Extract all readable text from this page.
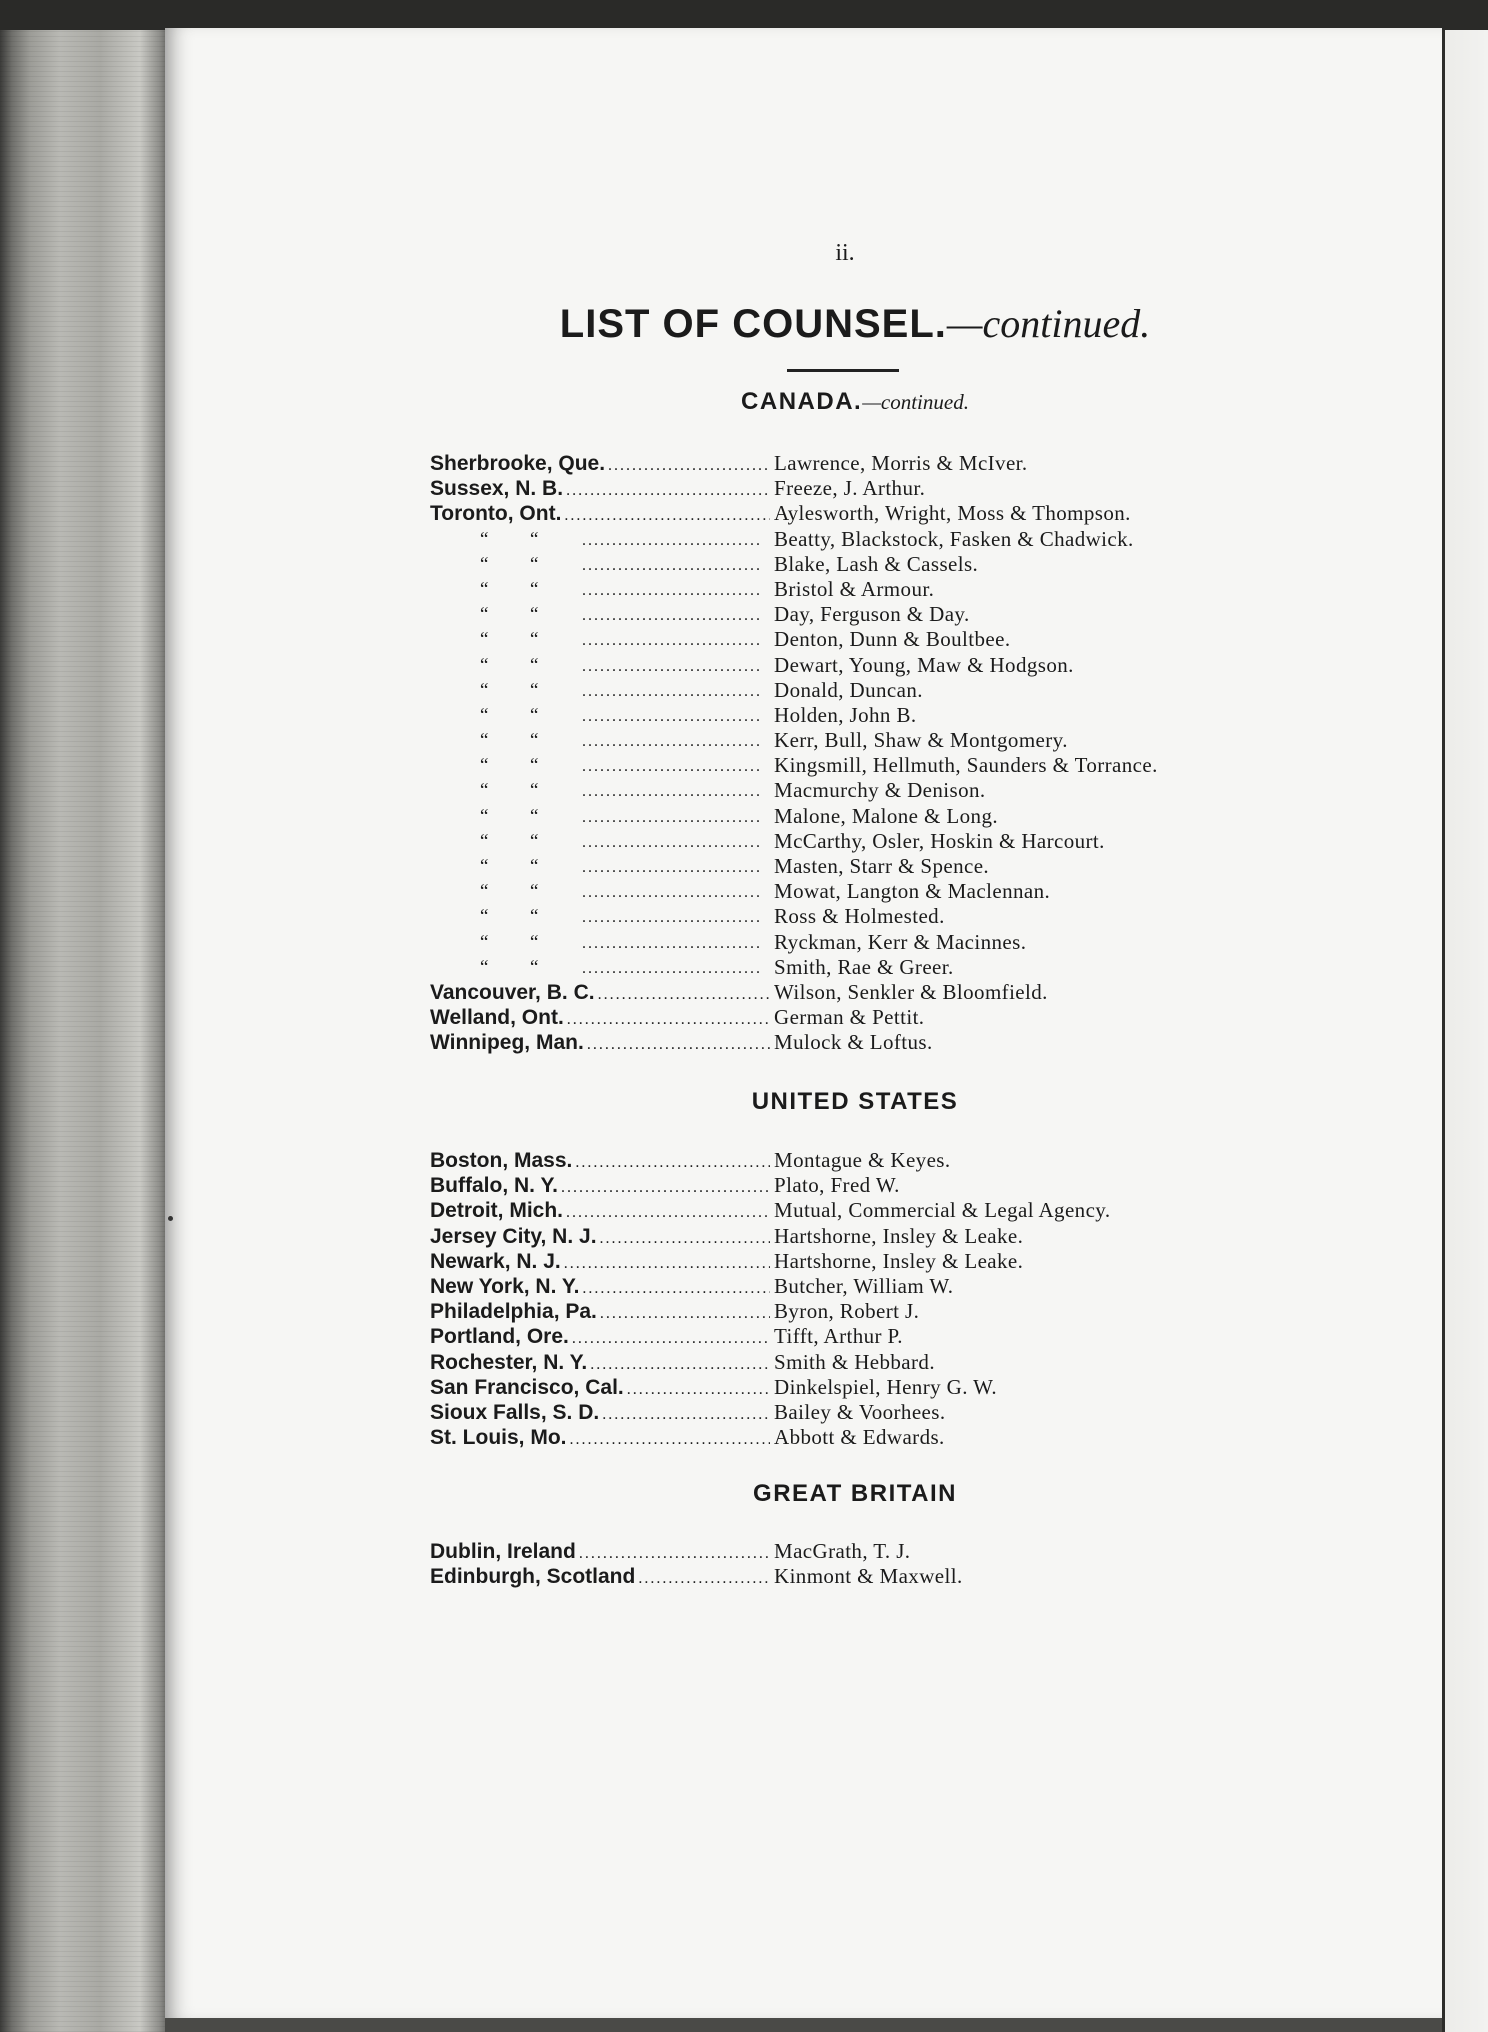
ii.
LIST OF COUNSEL.—continued.
CANADA.—continued.
Sherbrooke, Que. . . .	Lawrence, Morris & McIver.
Sussex, N. B. . . .	Freeze, J. Arthur.
Toronto, Ont. . . .	Aylesworth, Wright, Moss & Thompson.
“ “ . . .	Beatty, Blackstock, Fasken & Chadwick.
“ “ . . .	Blake, Lash & Cassels.
“ “ . . .	Bristol & Armour.
“ “ . . .	Day, Ferguson & Day.
“ “ . . .	Denton, Dunn & Boultbee.
“ “ . . .	Dewart, Young, Maw & Hodgson.
“ “ . . .	Donald, Duncan.
“ “ . . .	Holden, John B.
“ “ . . .	Kerr, Bull, Shaw & Montgomery.
“ “ . . .	Kingsmill, Hellmuth, Saunders & Torrance.
“ “ . . .	Macmurchy & Denison.
“ “ . . .	Malone, Malone & Long.
“ “ . . .	McCarthy, Osler, Hoskin & Harcourt.
“ “ . . .	Masten, Starr & Spence.
“ “ . . .	Mowat, Langton & Maclennan.
“ “ . . .	Ross & Holmested.
“ “ . . .	Ryckman, Kerr & Macinnes.
“ “ . . .	Smith, Rae & Greer.
Vancouver, B. C. . . .	Wilson, Senkler & Bloomfield.
Welland, Ont. . . .	German & Pettit.
Winnipeg, Man. . . .	Mulock & Loftus.
UNITED STATES
Boston, Mass. . . .	Montague & Keyes.
Buffalo, N. Y. . . .	Plato, Fred W.
Detroit, Mich. . . .	Mutual, Commercial & Legal Agency.
Jersey City, N. J. . . .	Hartshorne, Insley & Leake.
Newark, N. J. . . .	Hartshorne, Insley & Leake.
New York, N. Y. . . .	Butcher, William W.
Philadelphia, Pa. . . .	Byron, Robert J.
Portland, Ore. . . .	Tifft, Arthur P.
Rochester, N. Y. . . .	Smith & Hebbard.
San Francisco, Cal. . . .	Dinkelspiel, Henry G. W.
Sioux Falls, S. D. . . .	Bailey & Voorhees.
St. Louis, Mo. . . .	Abbott & Edwards.
GREAT BRITAIN
Dublin, Ireland . . .	MacGrath, T. J.
Edinburgh, Scotland . . .	Kinmont & Maxwell.
